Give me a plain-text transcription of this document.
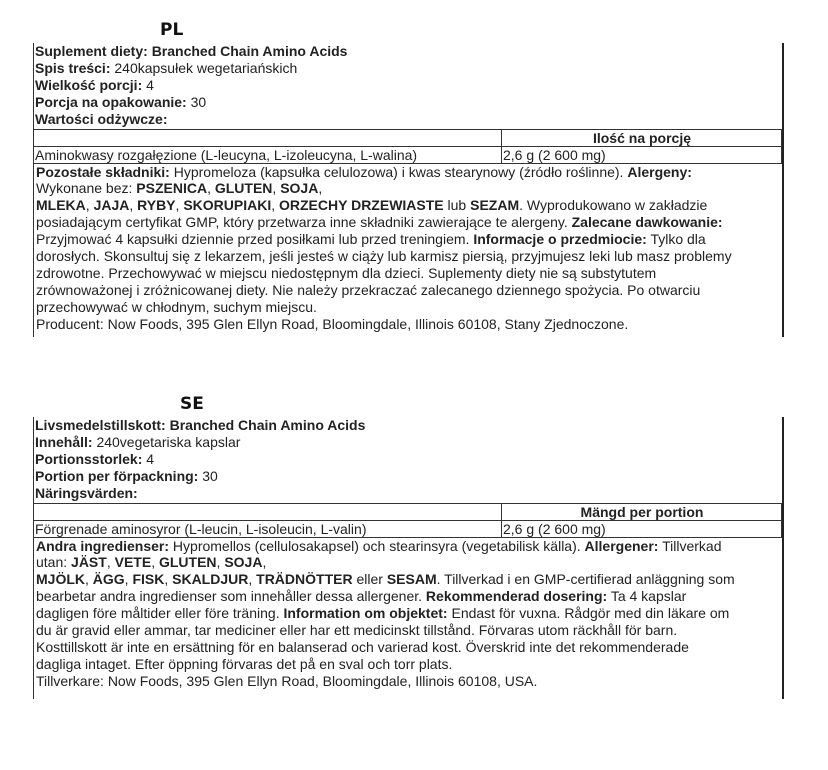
PL
Suplement diety: Branched Chain Amino Acids
Spis treści: 240kapsułek wegetariańskich
Wielkość porcji: 4
Porcja na opakowanie: 30
Wartości odżywcze:
	Ilość na porcję
Aminokwasy rozgałęzione (L-leucyna, L-izoleucyna, L-walina)	2,6 g (2 600 mg)
Pozostałe składniki: Hypromeloza (kapsułka celulozowa) i kwas stearynowy (źródło roślinne). Alergeny:
Wykonane bez: PSZENICA, GLUTEN, SOJA,
MLEKA, JAJA, RYBY, SKORUPIAKI, ORZECHY DRZEWIASTE lub SEZAM. Wyprodukowano w zakładzie
posiadającym certyfikat GMP, który przetwarza inne składniki zawierające te alergeny. Zalecane dawkowanie:
Przyjmować 4 kapsułki dziennie przed posiłkami lub przed treningiem. Informacje o przedmiocie: Tylko dla
dorosłych. Skonsultuj się z lekarzem, jeśli jesteś w ciąży lub karmisz piersią, przyjmujesz leki lub masz problemy
zdrowotne. Przechowywać w miejscu niedostępnym dla dzieci. Suplementy diety nie są substytutem
zrównoważonej i zróżnicowanej diety. Nie należy przekraczać zalecanego dziennego spożycia. Po otwarciu
przechowywać w chłodnym, suchym miejscu.
Producent: Now Foods, 395 Glen Ellyn Road, Bloomingdale, Illinois 60108, Stany Zjednoczone.
SE
Livsmedelstillskott: Branched Chain Amino Acids
Innehåll: 240vegetariska kapslar
Portionsstorlek: 4
Portion per förpackning: 30
Näringsvärden:
	Mängd per portion
Förgrenade aminosyror (L-leucin, L-isoleucin, L-valin)	2,6 g (2 600 mg)
Andra ingredienser: Hypromellos (cellulosakapsel) och stearinsyra (vegetabilisk källa). Allergener: Tillverkad
utan: JÄST, VETE, GLUTEN, SOJA,
MJÖLK, ÄGG, FISK, SKALDJUR, TRÄDNÖTTER eller SESAM. Tillverkad i en GMP-certifierad anläggning som
bearbetar andra ingredienser som innehåller dessa allergener. Rekommenderad dosering: Ta 4 kapslar
dagligen före måltider eller före träning. Information om objektet: Endast för vuxna. Rådgör med din läkare om
du är gravid eller ammar, tar mediciner eller har ett medicinskt tillstånd. Förvaras utom räckhåll för barn.
Kosttillskott är inte en ersättning för en balanserad och varierad kost. Överskrid inte det rekommenderade
dagliga intaget. Efter öppning förvaras det på en sval och torr plats.
Tillverkare: Now Foods, 395 Glen Ellyn Road, Bloomingdale, Illinois 60108, USA.
